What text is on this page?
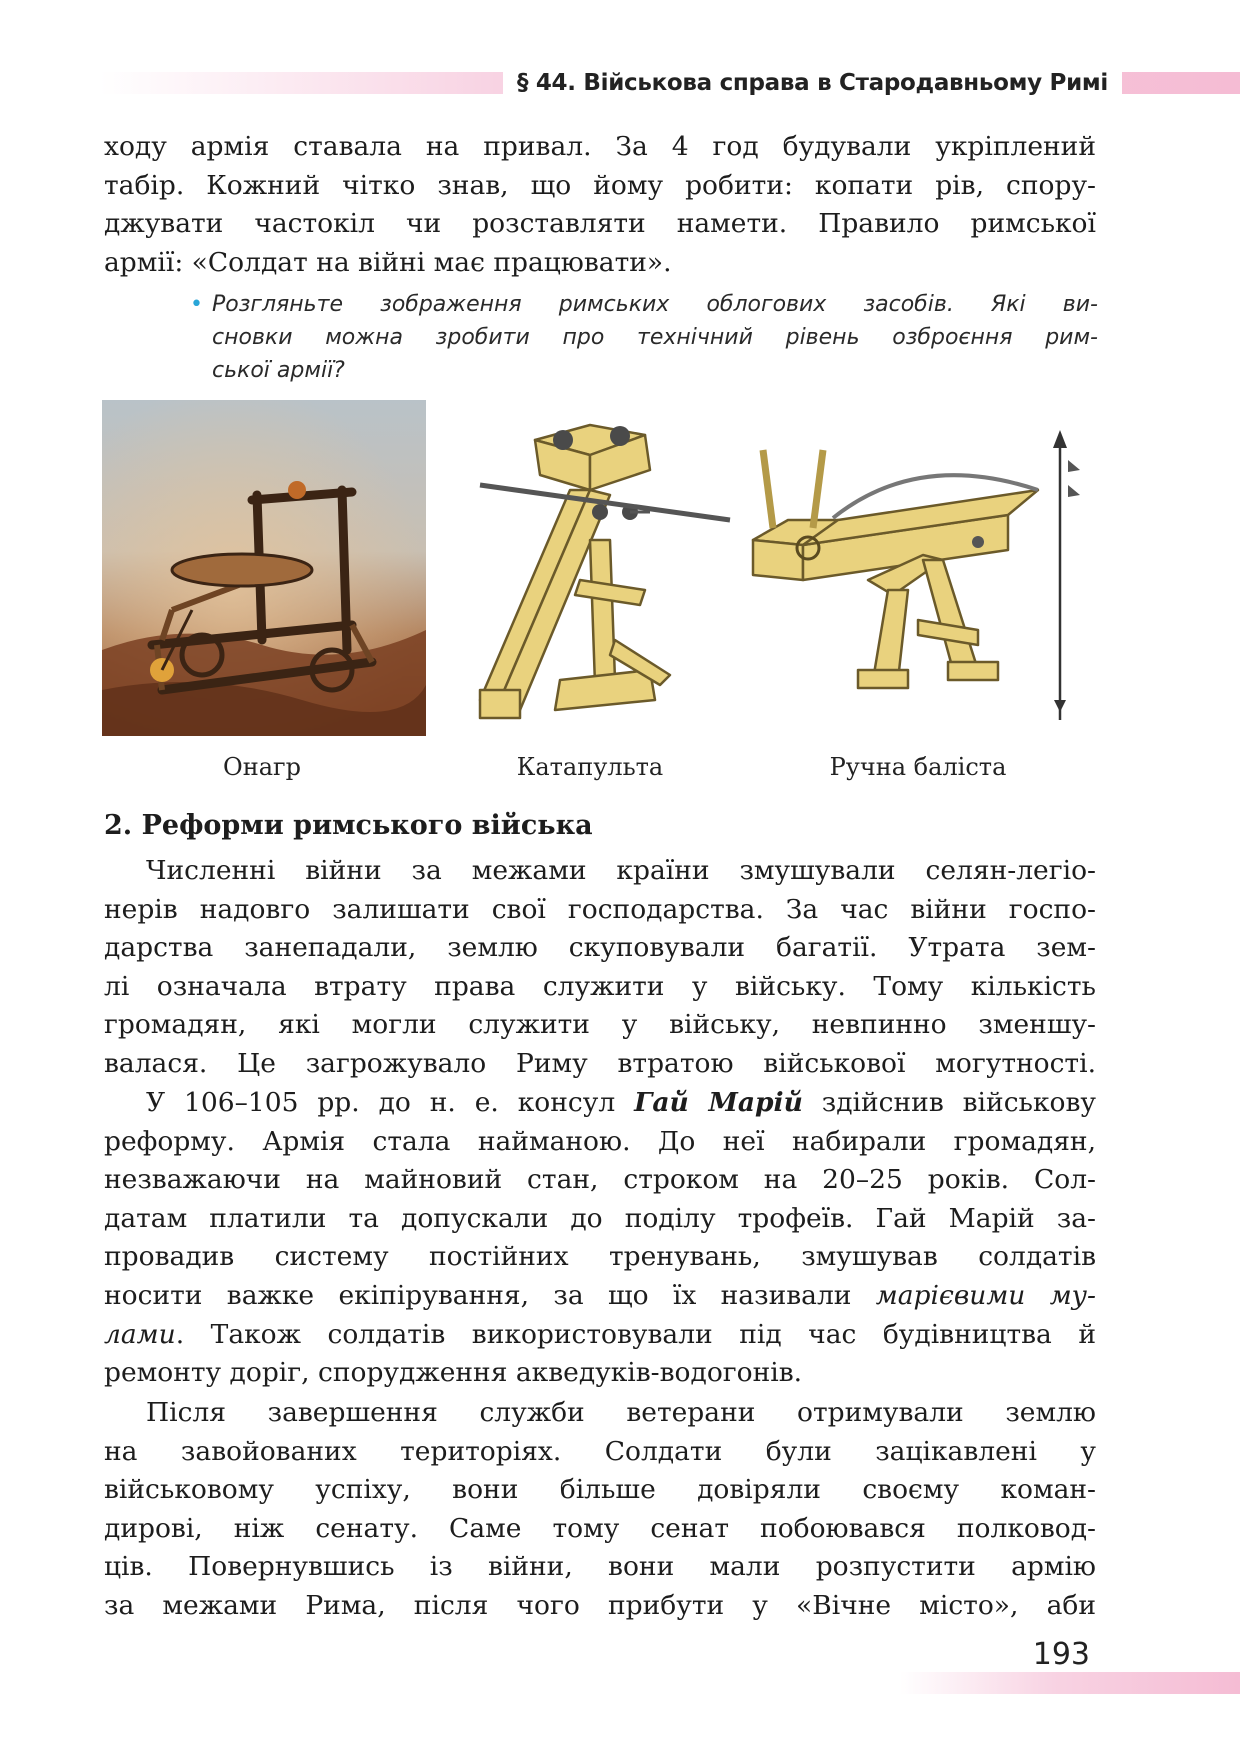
§ 44. Військова справа в Стародавньому Римі

ходу армія ставала на привал. За 4 год будували укріплений

табір. Кожний чітко знав, що йому робити: копати рів, спору-

джувати частокіл чи розставляти намети. Правило римської

армії: «Солдат на війні має працювати».

• Розгляньте зображення римських облогових засобів. Які ви-

сновки можна зробити про технічний рівень озброєння рим-

ської армії?

Онагр	Катапульта	Ручна баліста
2. Реформи римського війська

Численні війни за межами країни змушували селян-легіо-

нерів надовго залишати свої господарства. За час війни госпо-

дарства занепадали, землю скуповували багатії. Утрата зем-

лі означала втрату права служити у війську. Тому кількість

громадян, які могли служити у війську, невпинно зменшу-

валася. Це загрожувало Риму втратою військової могутності.

У 106–105 рр. до н. е. консул Гай Марій здійснив військову

реформу. Армія стала найманою. До неї набирали громадян,

незважаючи на майновий стан, строком на 20–25 років. Сол-

датам платили та допускали до поділу трофеїв. Гай Марій за-

провадив систему постійних тренувань, змушував солдатів

носити важке екіпірування, за що їх називали марієвими му-

лами. Також солдатів використовували під час будівництва й

ремонту доріг, спорудження акведуків-водогонів.

Після завершення служби ветерани отримували землю

на завойованих територіях. Солдати були зацікавлені у

військовому успіху, вони більше довіряли своєму коман-

дирові, ніж сенату. Саме тому сенат побоювався полковод-

ців. Повернувшись із війни, вони мали розпустити армію

за межами Рима, після чого прибути у «Вічне місто», аби

193
